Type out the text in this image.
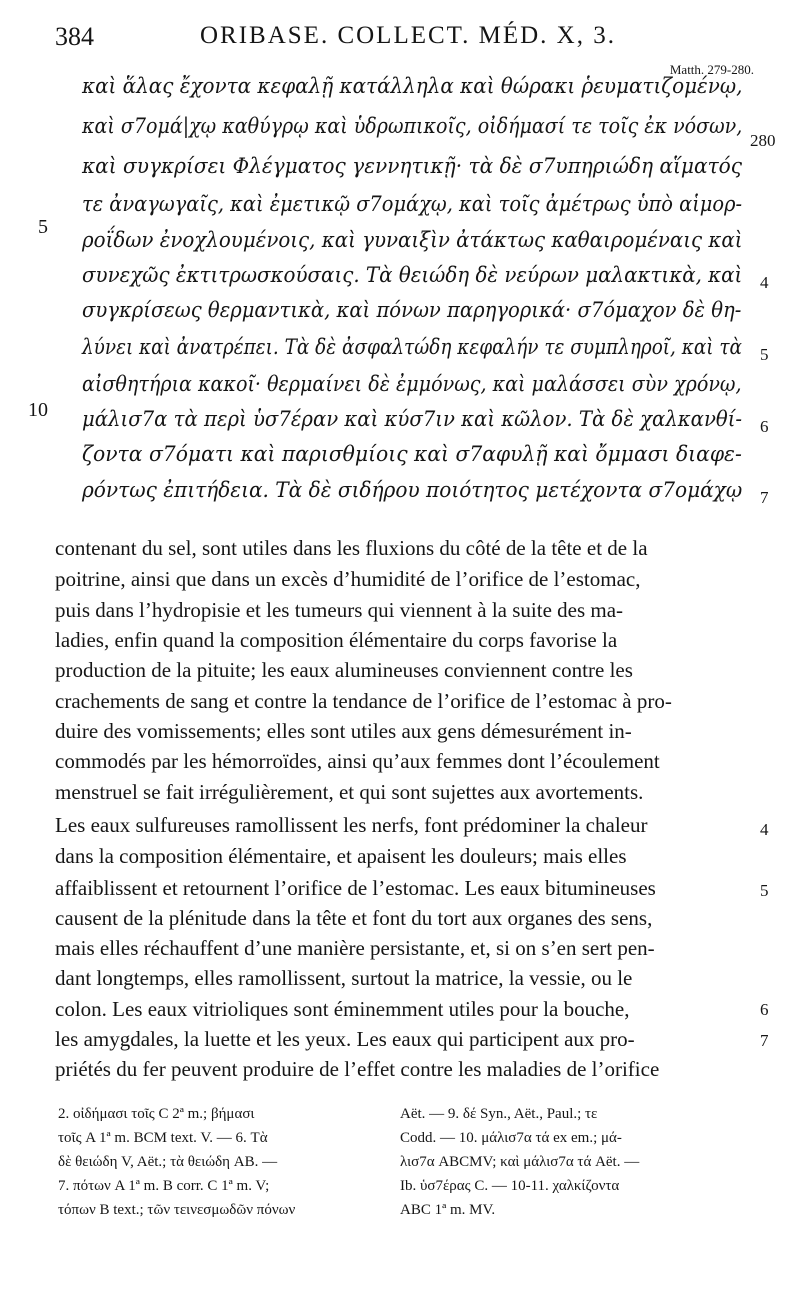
384	ORIBASE. COLLECT. MÉD. X, 3.
Matth. 279-280.
καὶ ἅλας ἔχοντα κεφαλῇ κατάλληλα καὶ θώρακι ῥευματιζομένῳ,
καὶ σ7ομά|χῳ καθύγρῳ καὶ ὑδρωπικοῖς, οἰδήμασί τε τοῖς ἐκ νόσων,
καὶ συγκρίσει Φλέγματος γεννητικῇ· τὰ δὲ σ7υπηριώδη αἵματός
τε ἀναγωγαῖς, καὶ ἐμετικῷ σ7ομάχῳ, καὶ τοῖς ἀμέτρως ὑπὸ αἱμορ-
ροΐδων ἐνοχλουμένοις, καὶ γυναιξὶν ἀτάκτως καθαιρομέναις καὶ
συνεχῶς ἐκτιτρωσκούσαις. Τὰ θειώδη δὲ νεύρων μαλακτικὰ, καὶ
συγκρίσεως θερμαντικὰ, καὶ πόνων παρηγορικά· σ7όμαχον δὲ θη-
λύνει καὶ ἀνατρέπει. Τὰ δὲ ἀσφαλτώδη κεφαλήν τε συμπληροῖ, καὶ τὰ
αἰσθητήρια κακοῖ· θερμαίνει δὲ ἐμμόνως, καὶ μαλάσσει σὺν χρόνῳ,
μάλισ7α τὰ περὶ ὑσ7έραν καὶ κύσ7ιν καὶ κῶλον. Τὰ δὲ χαλκανθί-
ζοντα σ7όματι καὶ παρισθμίοις καὶ σ7αφυλῇ καὶ ὄμμασι διαφε-
ρόντως ἐπιτήδεια. Τὰ δὲ σιδήρου ποιότητος μετέχοντα σ7ομάχῳ
5
10
280
4
5
6
7
contenant du sel, sont utiles dans les fluxions du côté de la tête et de la
poitrine, ainsi que dans un excès d’humidité de l’orifice de l’estomac,
puis dans l’hydropisie et les tumeurs qui viennent à la suite des ma-
ladies, enfin quand la composition élémentaire du corps favorise la
production de la pituite; les eaux alumineuses conviennent contre les
crachements de sang et contre la tendance de l’orifice de l’estomac à pro-
duire des vomissements; elles sont utiles aux gens démesurément in-
commodés par les hémorroïdes, ainsi qu’aux femmes dont l’écoulement
menstruel se fait irrégulièrement, et qui sont sujettes aux avortements.
Les eaux sulfureuses ramollissent les nerfs, font prédominer la chaleur
dans la composition élémentaire, et apaisent les douleurs; mais elles
affaiblissent et retournent l’orifice de l’estomac. Les eaux bitumineuses
causent de la plénitude dans la tête et font du tort aux organes des sens,
mais elles réchauffent d’une manière persistante, et, si on s’en sert pen-
dant longtemps, elles ramollissent, surtout la matrice, la vessie, ou le
colon. Les eaux vitrioliques sont éminemment utiles pour la bouche,
les amygdales, la luette et les yeux. Les eaux qui participent aux pro-
priétés du fer peuvent produire de l’effet contre les maladies de l’orifice
4
5
6
7
2. οἰδήμασι τοῖς C 2ª m.; βήμασι
τοῖς A 1ª m. BCM text. V. — 6. Τὰ
δὲ θειώδη V, Aët.; τὰ θειώδη AB. —
7. πότων A 1ª m. B corr. C 1ª m. V;
τόπων B text.; τῶν τεινεσμωδῶν πόνων
Aët. — 9. δέ Syn., Aët., Paul.; τε
Codd. — 10. μάλισ7α τά ex em.; μά-
λισ7α ABCMV; καὶ μάλισ7α τά Aët. —
Ib. ὑσ7έρας C. — 10-11. χαλκίζοντα
ABC 1ª m. MV.
